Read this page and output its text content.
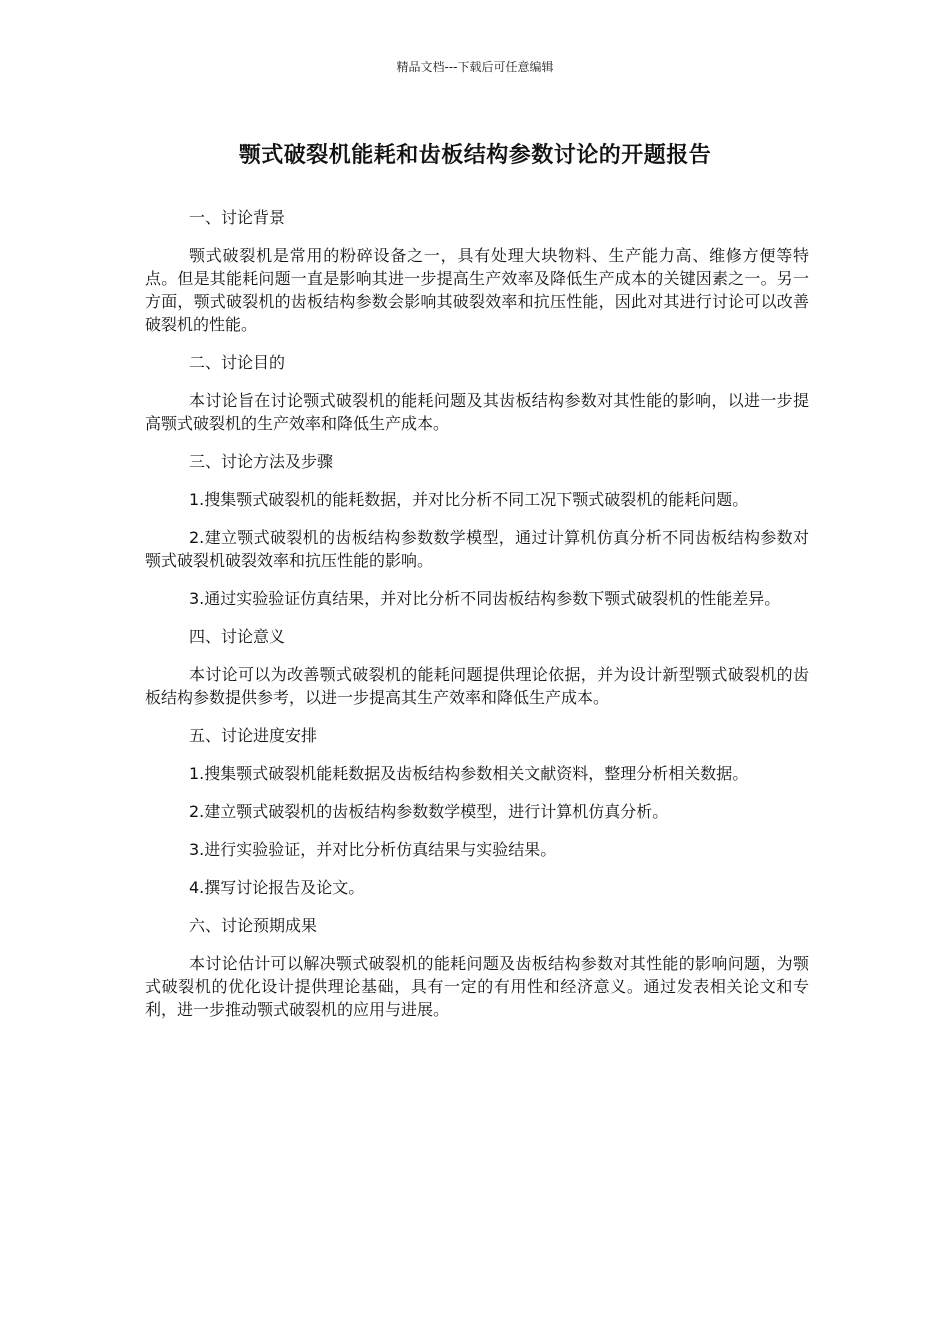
精品文档---下载后可任意编辑
颚式破裂机能耗和齿板结构参数讨论的开题报告

一、讨论背景

颚式破裂机是常用的粉碎设备之一，具有处理大块物料、生产能力高、维修方便等特点。但是其能耗问题一直是影响其进一步提高生产效率及降低生产成本的关键因素之一。另一方面，颚式破裂机的齿板结构参数会影响其破裂效率和抗压性能，因此对其进行讨论可以改善破裂机的性能。

二、讨论目的

本讨论旨在讨论颚式破裂机的能耗问题及其齿板结构参数对其性能的影响，以进一步提高颚式破裂机的生产效率和降低生产成本。

三、讨论方法及步骤

1.搜集颚式破裂机的能耗数据，并对比分析不同工况下颚式破裂机的能耗问题。

2.建立颚式破裂机的齿板结构参数数学模型，通过计算机仿真分析不同齿板结构参数对颚式破裂机破裂效率和抗压性能的影响。

3.通过实验验证仿真结果，并对比分析不同齿板结构参数下颚式破裂机的性能差异。

四、讨论意义

本讨论可以为改善颚式破裂机的能耗问题提供理论依据，并为设计新型颚式破裂机的齿板结构参数提供参考，以进一步提高其生产效率和降低生产成本。

五、讨论进度安排

1.搜集颚式破裂机能耗数据及齿板结构参数相关文献资料，整理分析相关数据。

2.建立颚式破裂机的齿板结构参数数学模型，进行计算机仿真分析。

3.进行实验验证，并对比分析仿真结果与实验结果。

4.撰写讨论报告及论文。

六、讨论预期成果

本讨论估计可以解决颚式破裂机的能耗问题及齿板结构参数对其性能的影响问题，为颚式破裂机的优化设计提供理论基础，具有一定的有用性和经济意义。通过发表相关论文和专利，进一步推动颚式破裂机的应用与进展。
